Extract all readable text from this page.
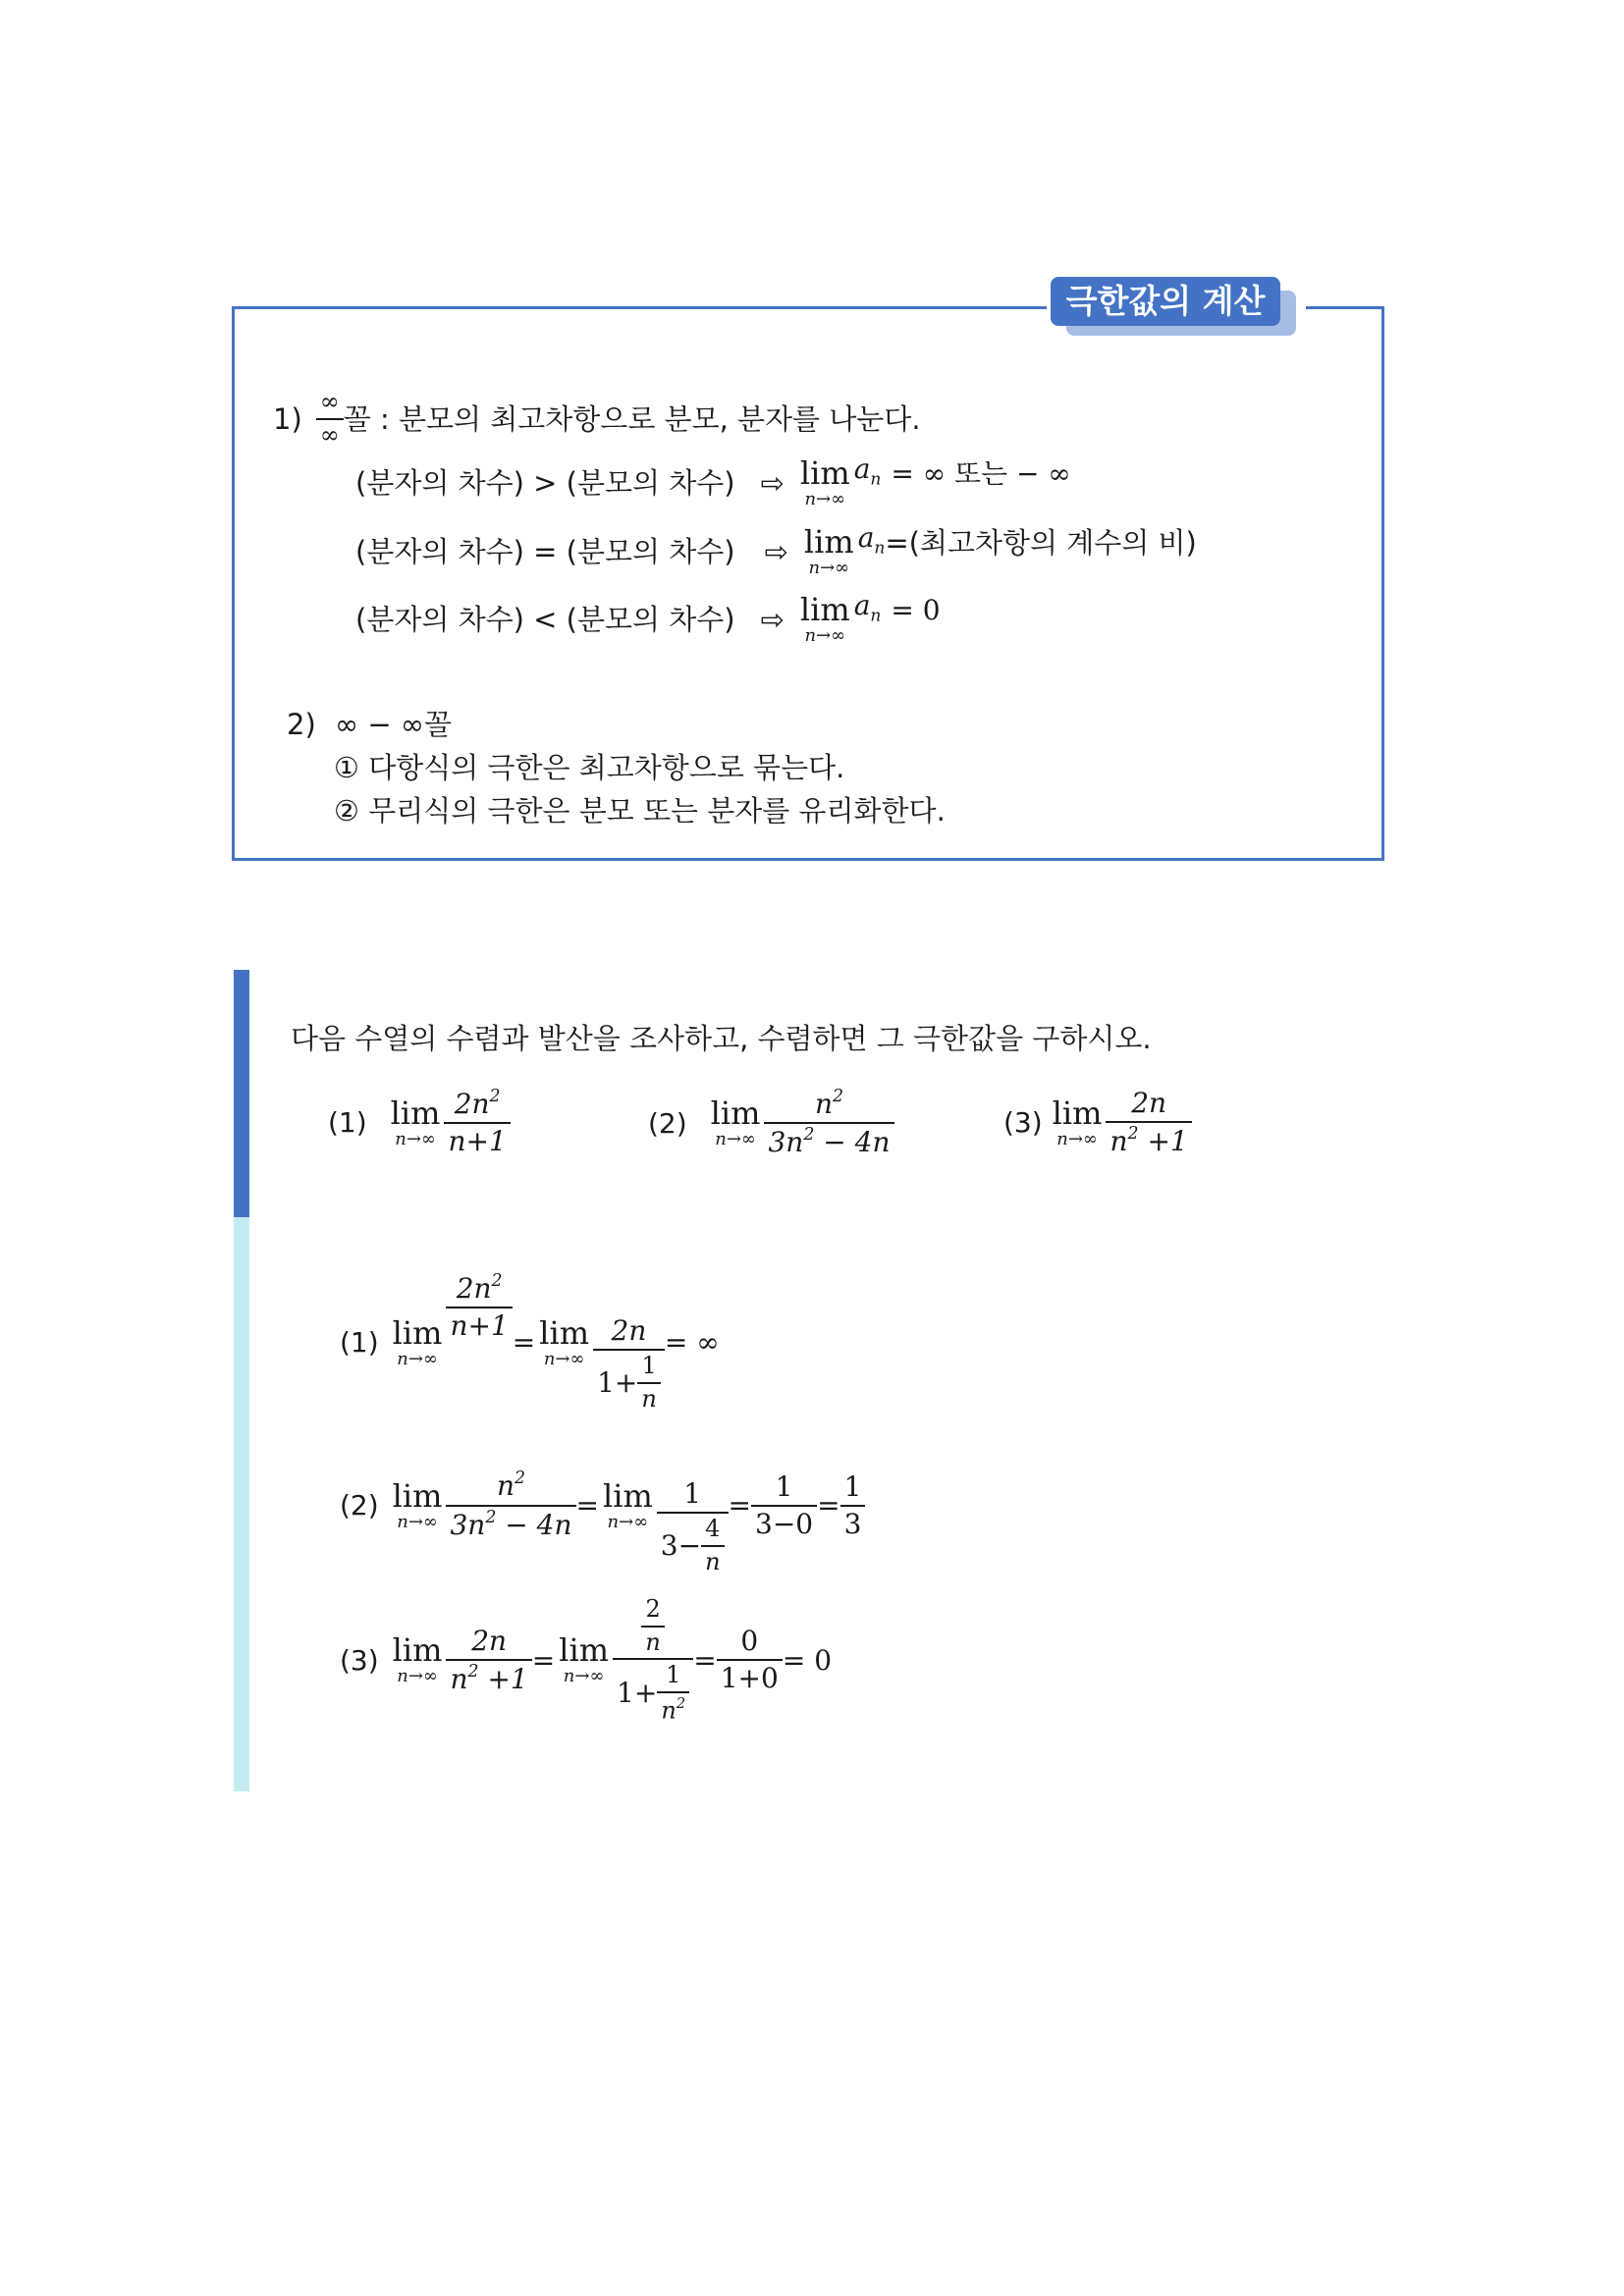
극한값의 계산
$1) \frac{\infty}{\infty}$ 꼴 : 분모의 최고차항으로 분모, 분자를 나눈다.
(분자의 차수) > (분모의 차수) ⇨ lim
n→∞
$a_n$ = ∞ 또는 − ∞
(분자의 차수) = (분모의 차수) ⇨ lim
n→∞
$a_n$ =(최고차항의 계수의 비)
(분자의 차수) < (분모의 차수) ⇨ lim
n→∞
$a_n = 0$
2) ∞ − ∞꼴
① 다항식의 극한은 최고차항으로 묶는다.
② 무리식의 극한은 분모 또는 분자를 유리화한다.
다음 수열의 수렴과 발산을 조사하고, 수렴하면 그 극한값을 구하시오.
(1) lim
$n\to\infty \frac{2n^2}{n+1}$	(2) lim
$n\to\infty \frac{n^2}{3n^2 - 4n}$	(3) lim
$n\to\infty \frac{2n}{n^2 +1}$
(1) lim
n→∞
$\frac{2n^2}{n+1}$
= lim
$n\to\infty \frac{2n}{1+ \frac{1}{n}}$ = ∞
(2) lim
$n\to\infty \frac{n^2}{3n^2 - 4n} = \lim$
$n\to\infty \frac{1}{3- \frac{4}{n}} = \frac{1}{3-0} = \frac{1}{3}$
(3) lim
$n\to\infty \frac{2n}{n^2 +1} = \lim$
$n\to\infty \frac{\frac{2}{n}}{1+ \frac{1}{n^2}} = \frac{0}{1+0} = 0$
